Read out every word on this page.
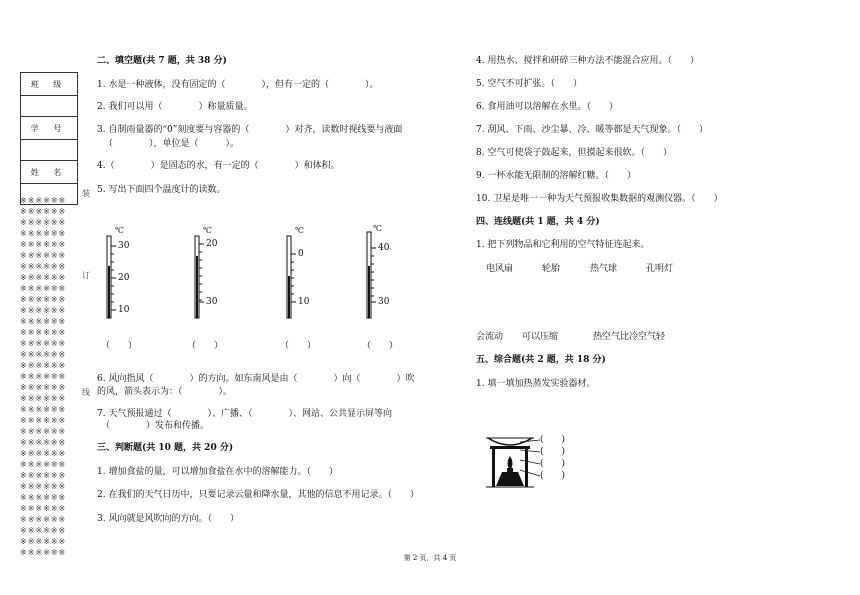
班 级

学 号

姓 名

※※※※※※
※※※※※※
※※※※※※
※※※※※※
※※※※※※
※※※※※※
※※※※※※
※※※※※※
※※※※※※
※※※※※※
※※※※※※
※※※※※※
※※※※※※
※※※※※※
※※※※※※
※※※※※※
※※※※※※
※※※※※※
※※※※※※
※※※※※※
※※※※※※
※※※※※※
※※※※※※
※※※※※※
※※※※※※
※※※※※※
※※※※※※
※※※※※※
※※※※※※
※※※※※※
※※※※※※
※※※※※※
※※※※※※
装
订
线
二、填空题(共 7 题，共 38 分)
1. 水是一种液体，没有固定的（　　　　），但有一定的（　　　　）。
2. 我们可以用（　　　　）称量质量。
3. 自制雨量器的“0”刻度要与容器的（　　　　）对齐，读数时视线要与液面
（　　　　），单位是（　　　）。
4.（　　　　）是固态的水，有一定的（　　　　）和体积。
5. 写出下面四个温度计的读数。
℃
30
20
10
℃
20
30
℃
0
10
℃
40
30
（　　）	（　　）	（　　）	（　　）
6. 风向指风（　　　　）的方向。如东南风是由（　　　　）向（　　　　）吹
的风，箭头表示为：（　　　　）。
7. 天气预报通过（　　　　）、广播、（　　　　）、网站、公共显示屏等向
（　　　　）发布和传播。
三、判断题(共 10 题，共 20 分)
1. 增加食盐的量，可以增加食盐在水中的溶解能力。（　　）
2. 在我们的天气日历中，只要记录云量和降水量，其他的信息不用记录。（　　）
3. 风向就是风吹向的方向。（　　）
4. 用热水、搅拌和研碎三种方法不能混合应用。（　　）
5. 空气不可扩张。（　　）
6. 食用油可以溶解在水里。（　　）
7. 刮风、下雨、沙尘暴、冷、暖等都是天气现象。（　　）
8. 空气可使袋子鼓起来，但摸起来很软。（　　）
9. 一杯水能无限制的溶解红糖。（　　）
10. 卫星是唯一一种为天气预报收集数据的观测仪器。（　　）
四、连线题(共 1 题，共 4 分)
1. 把下列物品和它利用的空气特征连起来。
电风扇	轮胎	热气球	孔明灯
会流动 可以压缩	热空气比冷空气轻
五、综合题(共 2 题，共 18 分)
1. 填一填加热蒸发实验器材。
(　　)
(　　)
(　　)
(　　)
第 2 页，共 4 页
